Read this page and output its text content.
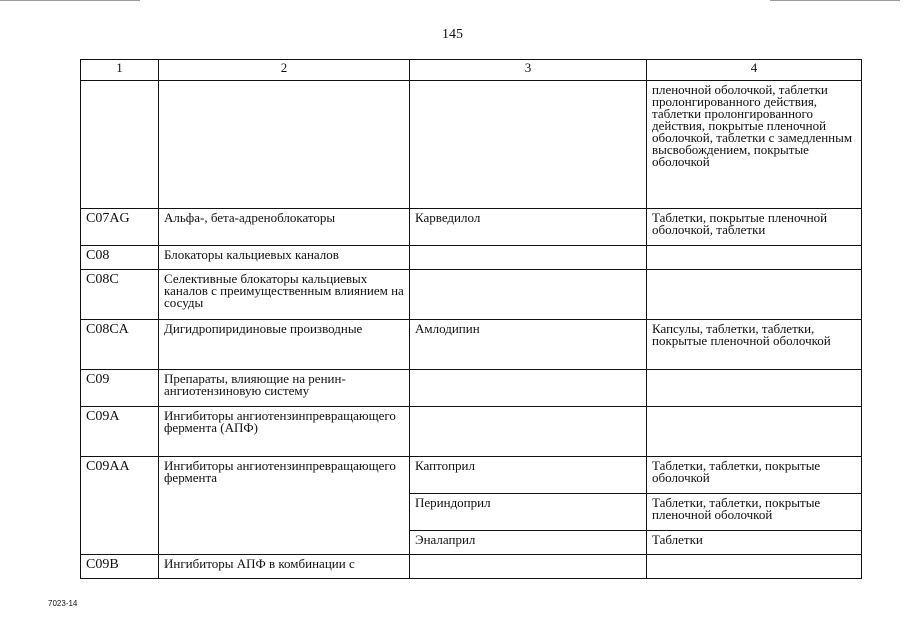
145
1	2	3	4
			пленочной оболочкой, таблетки пролонгированного действия, таблетки пролонгированного действия, покрытые пленочной оболочкой, таблетки с замедленным высвобождением, покрытые оболочкой
C07AG	Альфа-, бета-адреноблокаторы	Карведилол	Таблетки, покрытые пленочной оболочкой, таблетки
C08	Блокаторы кальциевых каналов		
C08C	Селективные блокаторы кальциевых каналов с преимущественным влиянием на сосуды		
C08CA	Дигидропиридиновые производные	Амлодипин	Капсулы, таблетки, таблетки, покрытые пленочной оболочкой
C09	Препараты, влияющие на ренин-ангиотензиновую систему		
C09A	Ингибиторы ангиотензинпревращающего фермента (АПФ)		
C09AA	Ингибиторы ангиотензинпревращающего фермента	Каптоприл	Таблетки, таблетки, покрытые оболочкой
		Периндоприл	Таблетки, таблетки, покрытые пленочной оболочкой
		Эналаприл	Таблетки
C09B	Ингибиторы АПФ в комбинации с		
7023-14
